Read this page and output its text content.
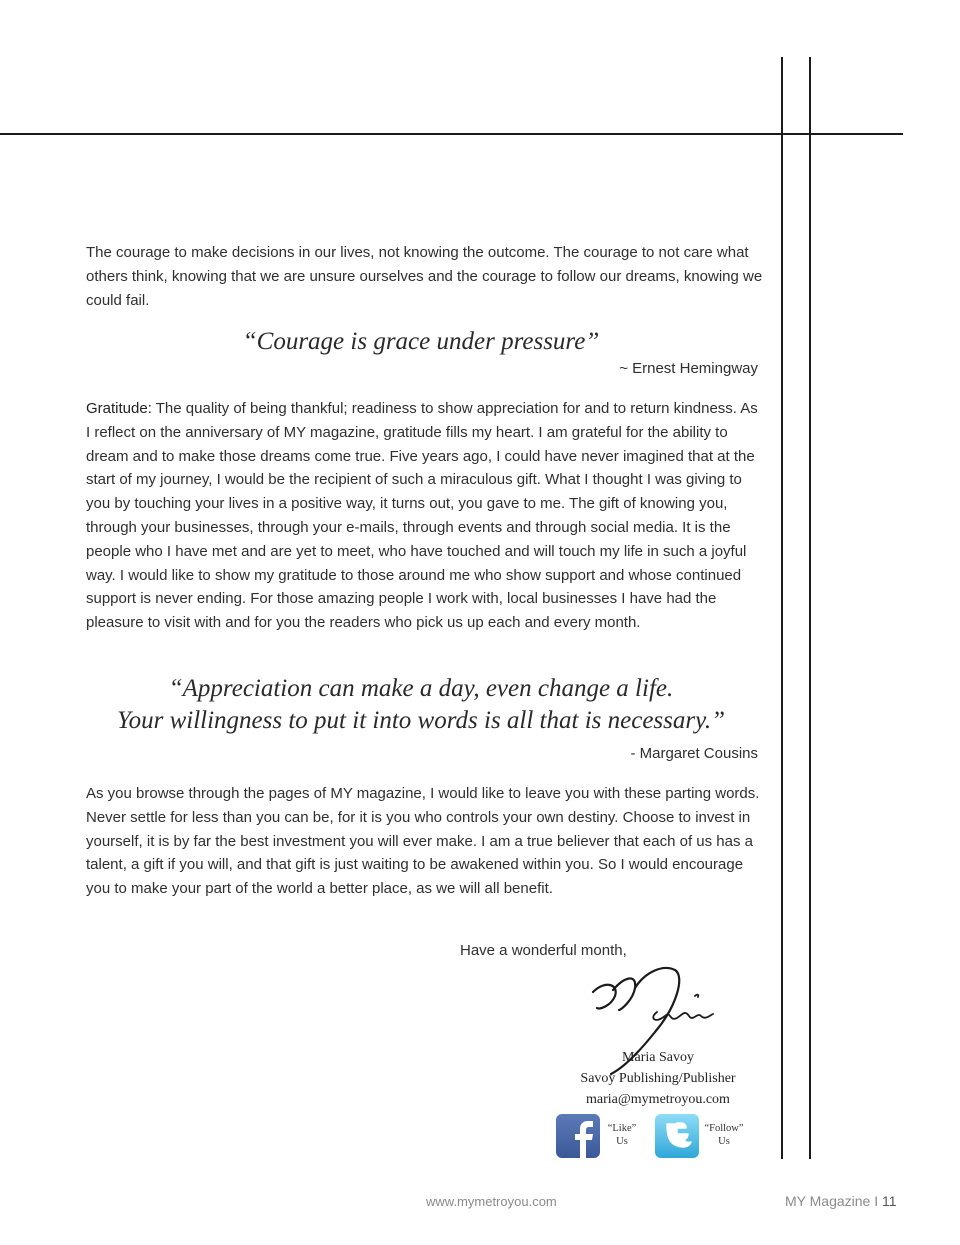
The courage to make decisions in our lives, not knowing the outcome. The courage to not care what others think, knowing that we are unsure ourselves and the courage to follow our dreams, knowing we could fail.

“Courage is grace under pressure”
~ Ernest Hemingway

Gratitude: The quality of being thankful; readiness to show appreciation for and to return kindness. As I reflect on the anniversary of MY magazine, gratitude fills my heart. I am grateful for the ability to dream and to make those dreams come true. Five years ago, I could have never imagined that at the start of my journey, I would be the recipient of such a miraculous gift. What I thought I was giving to you by touching your lives in a positive way, it turns out, you gave to me. The gift of knowing you, through your businesses, through your e-mails, through events and through social media. It is the people who I have met and are yet to meet, who have touched and will touch my life in such a joyful way. I would like to show my gratitude to those around me who show support and whose continued support is never ending. For those amazing people I work with, local businesses I have had the pleasure to visit with and for you the readers who pick us up each and every month.

“Appreciation can make a day, even change a life.
Your willingness to put it into words is all that is necessary.”
- Margaret Cousins

As you browse through the pages of MY magazine, I would like to leave you with these parting words. Never settle for less than you can be, for it is you who controls your own destiny. Choose to invest in yourself, it is by far the best investment you will ever make. I am a true believer that each of us has a talent, a gift if you will, and that gift is just waiting to be awakened within you. So I would encourage you to make your part of the world a better place, as we will all benefit.

Have a wonderful month,
Maria Savoy
Savoy Publishing/Publisher
maria@mymetroyou.com
“Like”
Us
“Follow”
Us
www.mymetroyou.com	MY Magazine I 11
